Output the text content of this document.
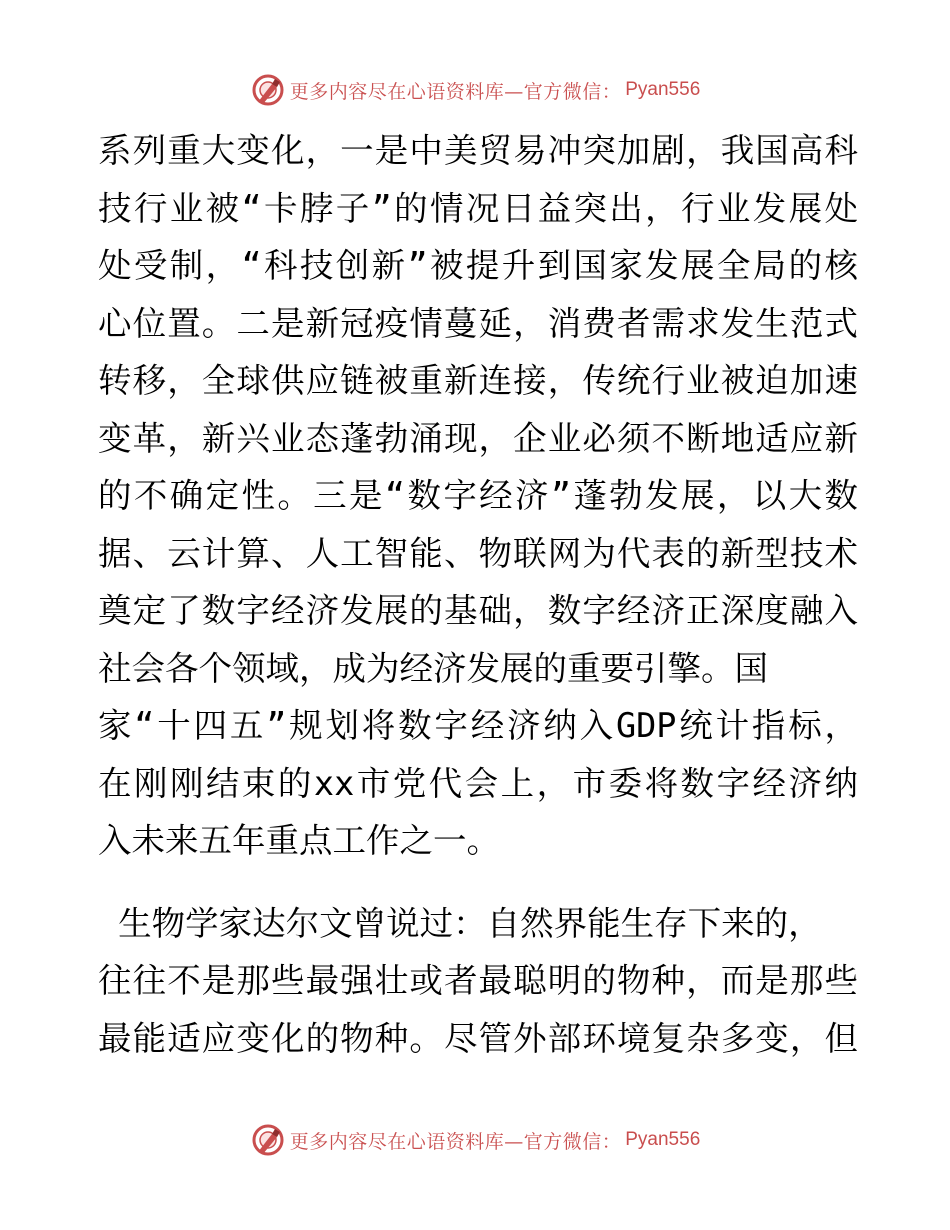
更多内容尽在心语资料库—官方微信： Pyan556
系列重大变化，一是中美贸易冲突加剧，我国高科
技行业被“卡脖子”的情况日益突出，行业发展处
处受制，“科技创新”被提升到国家发展全局的核
心位置。二是新冠疫情蔓延，消费者需求发生范式
转移，全球供应链被重新连接，传统行业被迫加速
变革，新兴业态蓬勃涌现，企业必须不断地适应新
的不确定性。三是“数字经济”蓬勃发展，以大数
据、云计算、人工智能、物联网为代表的新型技术
奠定了数字经济发展的基础，数字经济正深度融入
社会各个领域，成为经济发展的重要引擎。国
家“十四五”规划将数字经济纳入GDP统计指标，
在刚刚结束的xx市党代会上，市委将数字经济纳
入未来五年重点工作之一。
生物学家达尔文曾说过：自然界能生存下来的，
往往不是那些最强壮或者最聪明的物种，而是那些
最能适应变化的物种。尽管外部环境复杂多变，但
更多内容尽在心语资料库—官方微信： Pyan556
